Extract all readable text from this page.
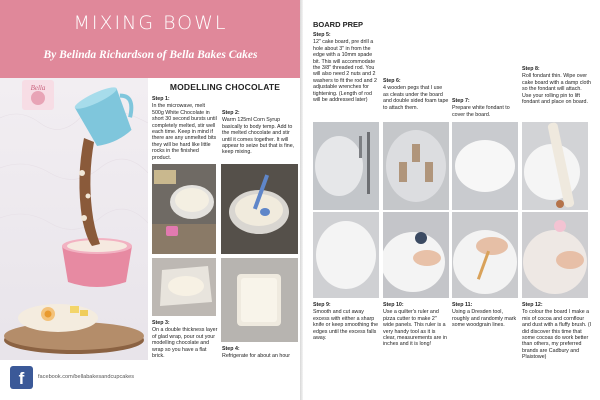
MIXING BOWL
By Belinda Richardson of Bella Bakes Cakes
Bella	MODELLING CHOCOLATE
Step 1:
In the microwave, melt 500g White Chocolate in short 30 second bursts until completely melted, stir well each time. Keep in mind if there are any unmelted bits they will be hard like little rocks in the finished product.
Step 2:
Warm 125ml Corn Syrup basically to body temp. Add to the melted chocolate and stir until it comes together. It will appear to seize but that is fine, keep mixing.
Step 3:
On a double thickness layer of glad wrap, pour out your modelling chocolate and wrap so you have a flat brick.
Step 4:
Refrigerate for about an hour
f	facebook.com/bellabakesandcupcakes
BOARD PREP
Step 5:
12" cake board, pre drill a hole about 3" in from the edge with a 10mm spade bit. This will accommodate the 3/8" threaded rod. You will also need 2 nuts and 2 washers to fit the rod and 2 adjustable wrenches for tightening. (Length of rod will be addressed later)
Step 6:
4 wooden pegs that I use as cleats under the board and double sided foam tape to attach them.
Step 7:
Prepare white fondant to cover the board.
Step 8:
Roll fondant thin. Wipe over cake board with a damp cloth so the fondant will attach. Use your rolling pin to lift fondant and place on board.
Step 9:
Smooth and cut away excess with either a sharp knife or keep smoothing the edges until the excess falls away.
Step 10:
Use a quilter's ruler and pizza cutter to make 2" wide panels. This ruler is a very handy tool as it is clear, measurements are in inches and it is long!
Step 11:
Using a Dresden tool, roughly and randomly mark some woodgrain lines.
Step 12:
To colour the board I make a mix of cocoa and cornflour and dust with a fluffy brush. (I did discover this time that some cocoas do work better than others, my preferred brands are Cadbury and Plaistowe)
